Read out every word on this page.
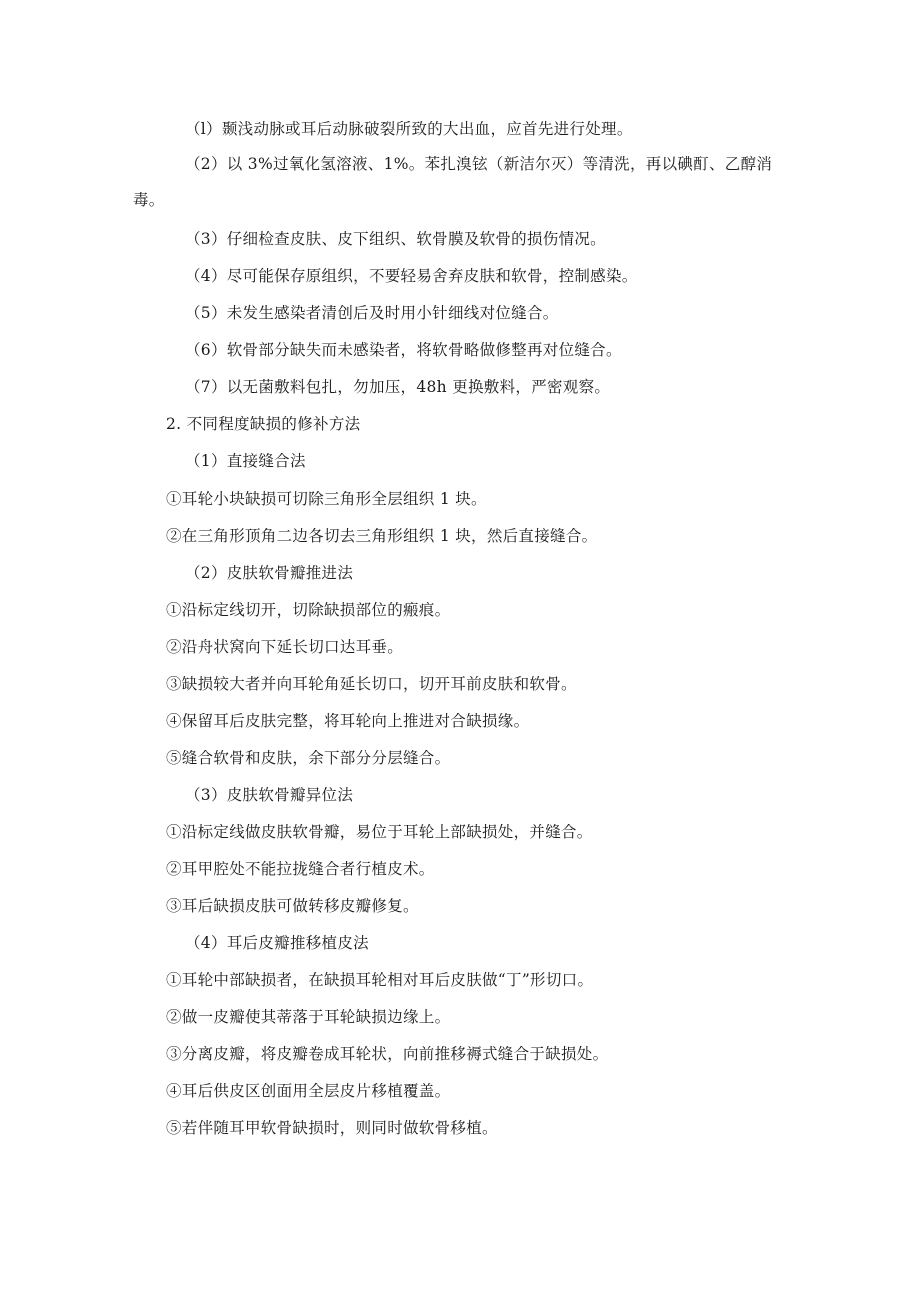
（l）颞浅动脉或耳后动脉破裂所致的大出血，应首先进行处理。
（2）以 3%过氧化氢溶液、1%。苯扎溴铉（新洁尔灭）等清洗，再以碘酊、乙醇消毒。
（3）仔细检查皮肤、皮下组织、软骨膜及软骨的损伤情况。
（4）尽可能保存原组织，不要轻易舍弃皮肤和软骨，控制感染。
（5）未发生感染者清创后及时用小针细线对位缝合。
（6）软骨部分缺失而未感染者，将软骨略做修整再对位缝合。
（7）以无菌敷料包扎，勿加压，48h 更换敷料，严密观察。
2. 不同程度缺损的修补方法
（1）直接缝合法
①耳轮小块缺损可切除三角形全层组织 1 块。
②在三角形顶角二边各切去三角形组织 1 块，然后直接缝合。
（2）皮肤软骨瓣推进法
①沿标定线切开，切除缺损部位的瘢痕。
②沿舟状窝向下延长切口达耳垂。
③缺损较大者并向耳轮角延长切口，切开耳前皮肤和软骨。
④保留耳后皮肤完整，将耳轮向上推进对合缺损缘。
⑤缝合软骨和皮肤，余下部分分层缝合。
（3）皮肤软骨瓣异位法
①沿标定线做皮肤软骨瓣，易位于耳轮上部缺损处，并缝合。
②耳甲腔处不能拉拢缝合者行植皮术。
③耳后缺损皮肤可做转移皮瓣修复。
（4）耳后皮瓣推移植皮法
①耳轮中部缺损者，在缺损耳轮相对耳后皮肤做“丁”形切口。
②做一皮瓣使其蒂落于耳轮缺损边缘上。
③分离皮瓣，将皮瓣卷成耳轮状，向前推移褥式缝合于缺损处。
④耳后供皮区创面用全层皮片移植覆盖。
⑤若伴随耳甲软骨缺损时，则同时做软骨移植。
